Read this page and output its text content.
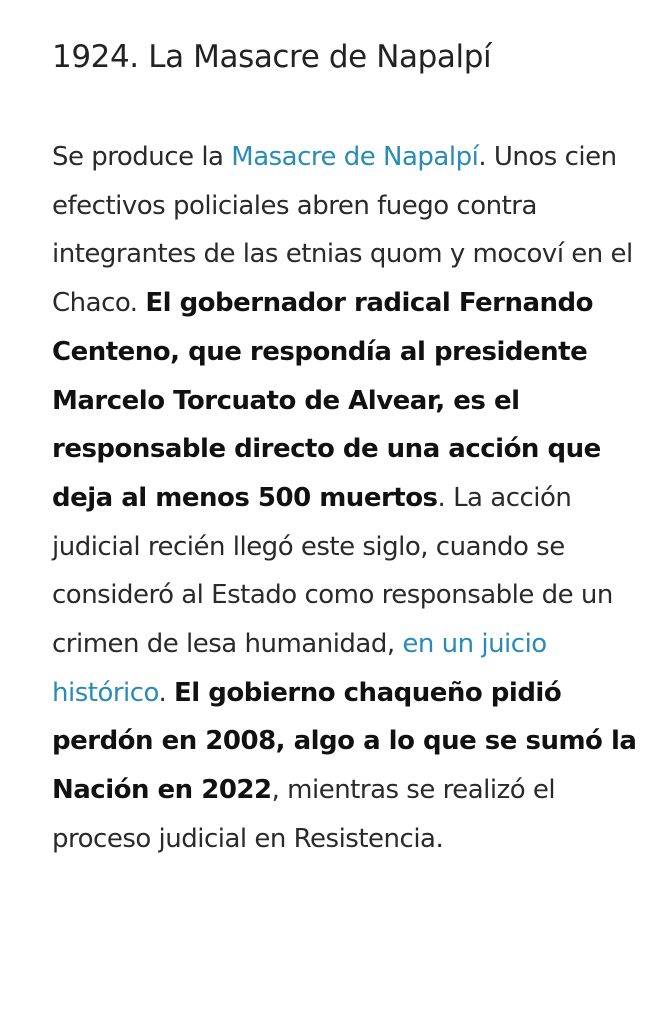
1924. La Masacre de Napalpí

Se produce la Masacre de Napalpí. Unos cien efectivos policiales abren fuego contra integrantes de las etnias quom y mocoví en el Chaco. El gobernador radical Fernando Centeno, que respondía al presidente Marcelo Torcuato de Alvear, es el responsable directo de una acción que deja al menos 500 muertos. La acción judicial recién llegó este siglo, cuando se consideró al Estado como responsable de un crimen de lesa humanidad, en un juicio histórico. El gobierno chaqueño pidió perdón en 2008, algo a lo que se sumó la Nación en 2022, mientras se realizó el proceso judicial en Resistencia.
